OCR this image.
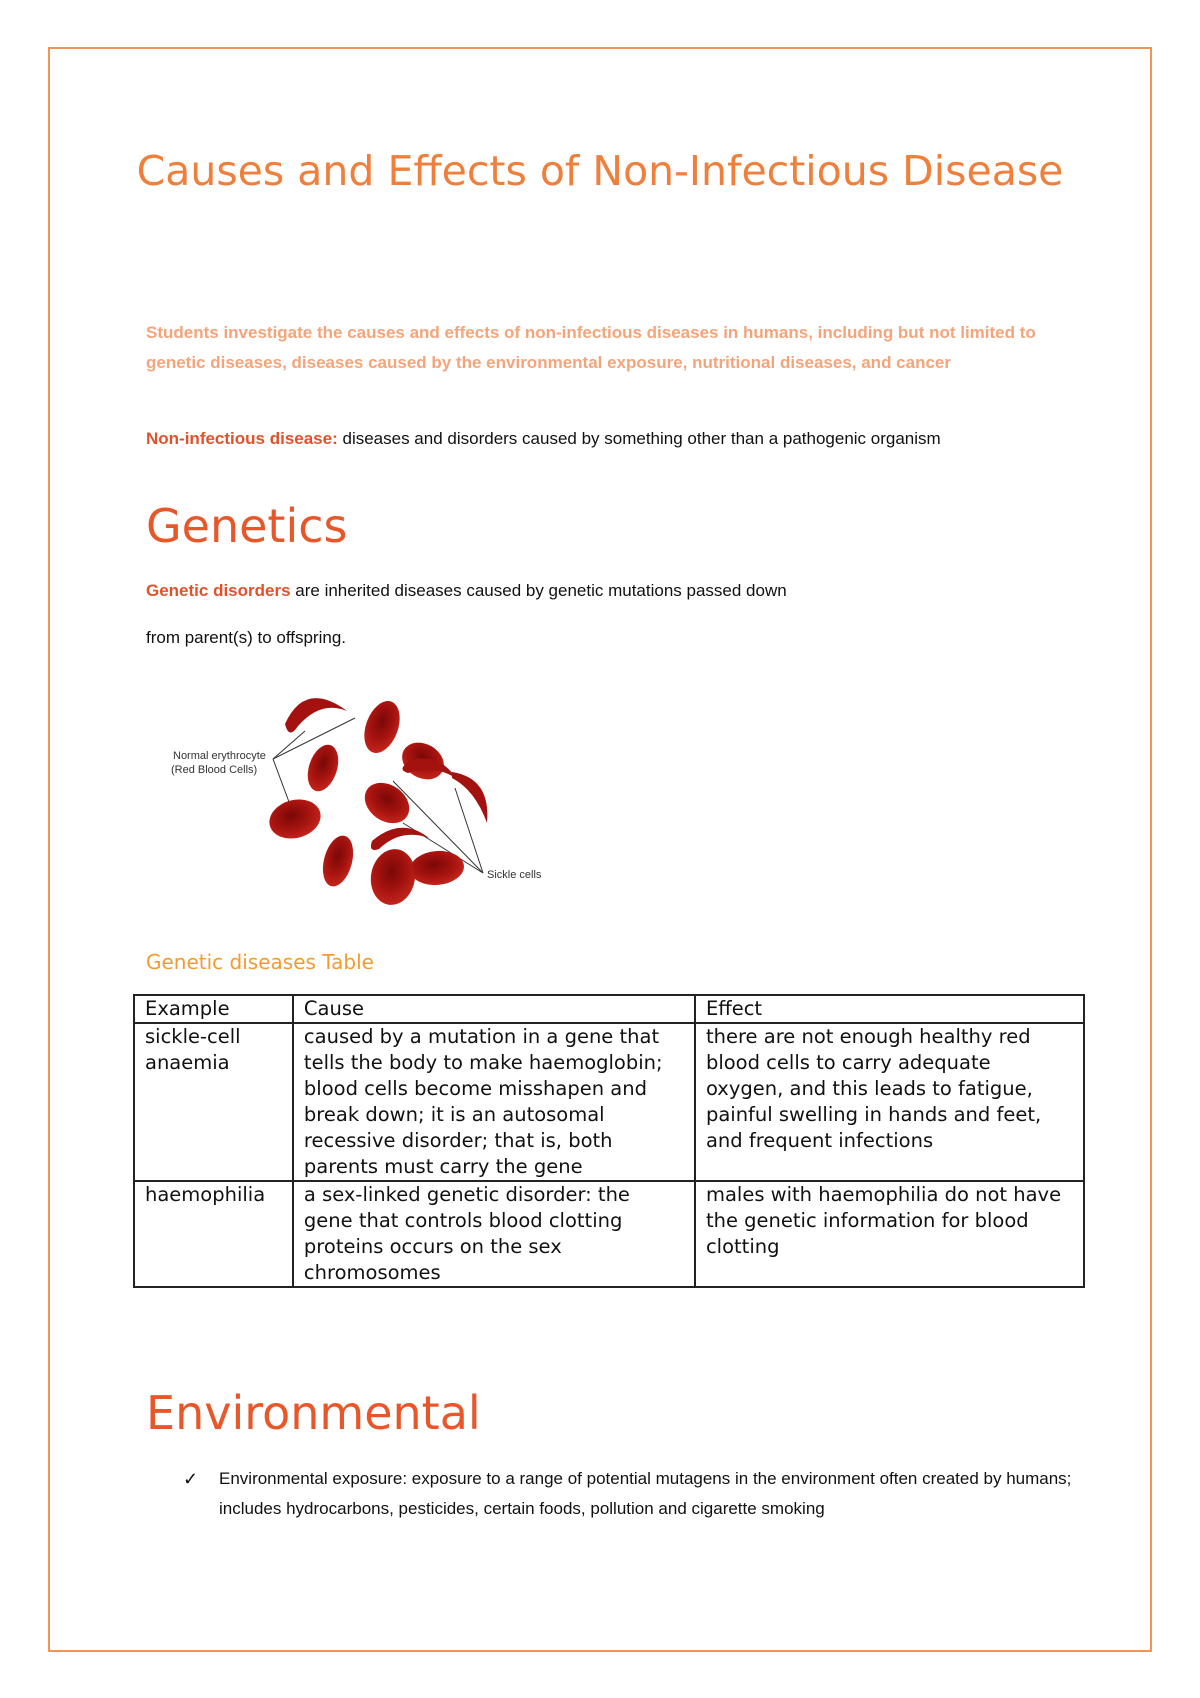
Causes and Effects of Non-Infectious Disease

Students investigate the causes and effects of non-infectious diseases in humans, including but not limited to genetic diseases, diseases caused by the environmental exposure, nutritional diseases, and cancer

Non-infectious disease: diseases and disorders caused by something other than a pathogenic organism

Genetics

Genetic disorders are inherited diseases caused by genetic mutations passed down

from parent(s) to offspring.

Normal erythrocyte
(Red Blood Cells)
Sickle cells

Genetic diseases Table

Example	Cause	Effect
sickle-cell anaemia	caused by a mutation in a gene that tells the body to make haemoglobin; blood cells become misshapen and break down; it is an autosomal recessive disorder; that is, both parents must carry the gene	there are not enough healthy red blood cells to carry adequate oxygen, and this leads to fatigue, painful swelling in hands and feet, and frequent infections
haemophilia	a sex-linked genetic disorder: the gene that controls blood clotting proteins occurs on the sex chromosomes	males with haemophilia do not have the genetic information for blood clotting
Environmental
✓ Environmental exposure: exposure to a range of potential mutagens in the environment often created by humans; includes hydrocarbons, pesticides, certain foods, pollution and cigarette smoking
